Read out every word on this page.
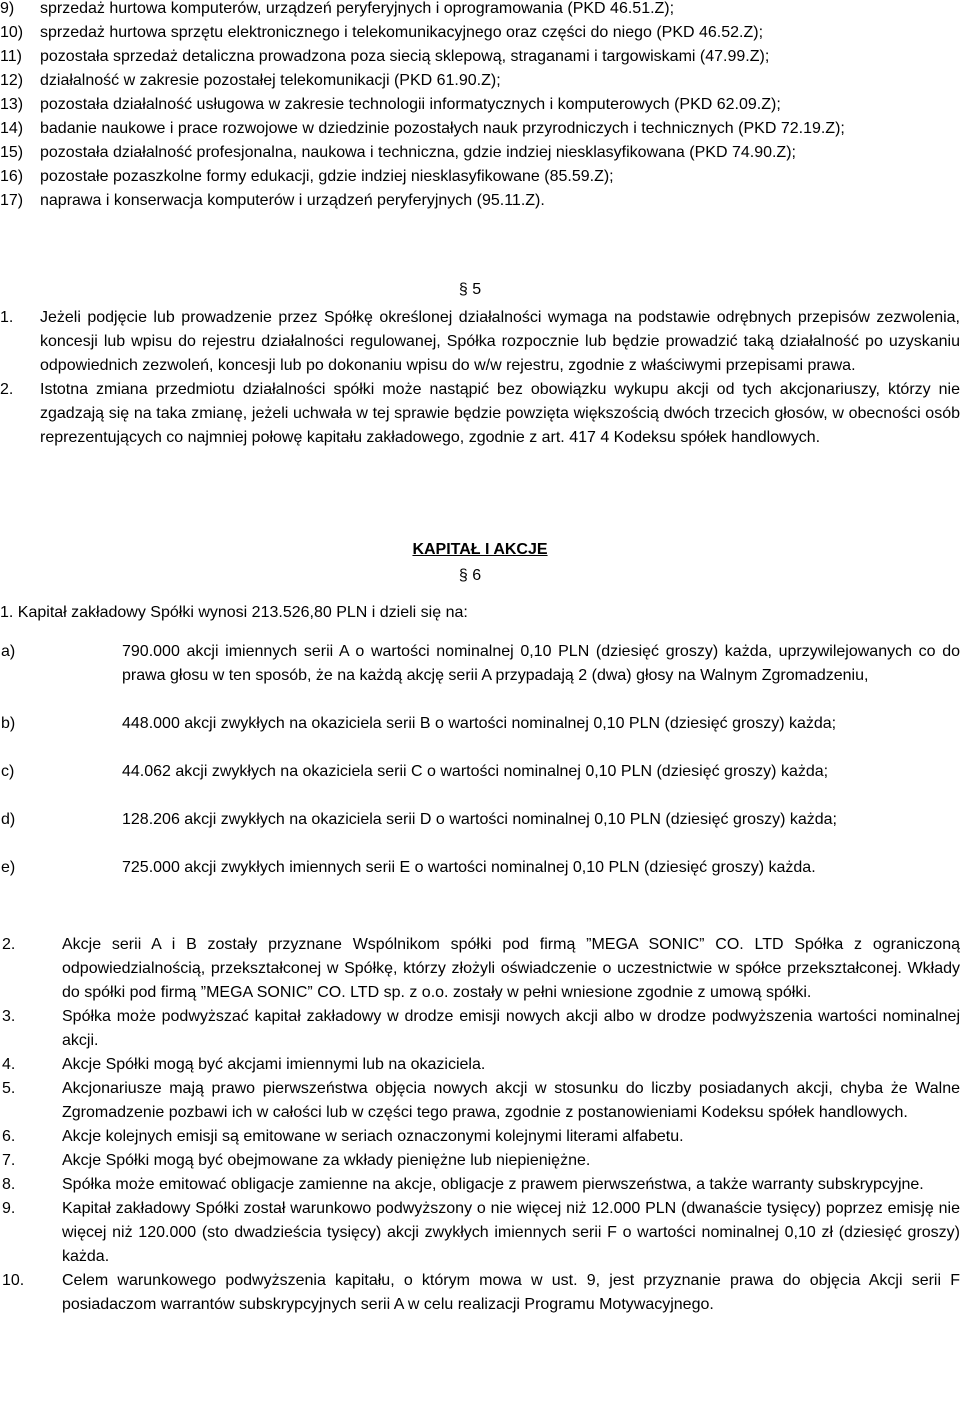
9) sprzedaż hurtowa komputerów, urządzeń peryferyjnych i oprogramowania (PKD 46.51.Z);

10) sprzedaż hurtowa sprzętu elektronicznego i telekomunikacyjnego oraz części do niego (PKD 46.52.Z);

11) pozostała sprzedaż detaliczna prowadzona poza siecią sklepową, straganami i targowiskami (47.99.Z);

12) działalność w zakresie pozostałej telekomunikacji (PKD 61.90.Z);

13) pozostała działalność usługowa w zakresie technologii informatycznych i komputerowych (PKD 62.09.Z);

14) badanie naukowe i prace rozwojowe w dziedzinie pozostałych nauk przyrodniczych i technicznych (PKD 72.19.Z);

15) pozostała działalność profesjonalna, naukowa i techniczna, gdzie indziej niesklasyfikowana (PKD 74.90.Z);

16) pozostałe pozaszkolne formy edukacji, gdzie indziej niesklasyfikowane (85.59.Z);

17) naprawa i konserwacja komputerów i urządzeń peryferyjnych (95.11.Z).

§ 5

1. Jeżeli podjęcie lub prowadzenie przez Spółkę określonej działalności wymaga na podstawie odrębnych przepisów zezwolenia, koncesji lub wpisu do rejestru działalności regulowanej, Spółka rozpocznie lub będzie prowadzić taką działalność po uzyskaniu odpowiednich zezwoleń, koncesji lub po dokonaniu wpisu do w/w rejestru, zgodnie z właściwymi przepisami prawa.

2. Istotna zmiana przedmiotu działalności spółki może nastąpić bez obowiązku wykupu akcji od tych akcjonariuszy, którzy nie zgadzają się na taka zmianę, jeżeli uchwała w tej sprawie będzie powzięta większością dwóch trzecich głosów, w obecności osób reprezentujących co najmniej połowę kapitału zakładowego, zgodnie z art. 417 4 Kodeksu spółek handlowych.

KAPITAŁ I AKCJE
§ 6
1. Kapitał zakładowy Spółki wynosi 213.526,80 PLN i dzieli się na:

a)	790.000 akcji imiennych serii A o wartości nominalnej 0,10 PLN (dziesięć groszy) każda, uprzywilejowanych co do prawa głosu w ten sposób, że na każdą akcję serii A przypadają 2 (dwa) głosy na Walnym Zgromadzeniu,

b)	448.000 akcji zwykłych na okaziciela serii B o wartości nominalnej 0,10 PLN (dziesięć groszy) każda;

c)	44.062 akcji zwykłych na okaziciela serii C o wartości nominalnej 0,10 PLN (dziesięć groszy) każda;

d)	128.206 akcji zwykłych na okaziciela serii D o wartości nominalnej 0,10 PLN (dziesięć groszy) każda;

e)	725.000 akcji zwykłych imiennych serii E o wartości nominalnej 0,10 PLN (dziesięć groszy) każda.

2.	Akcje serii A i B zostały przyznane Wspólnikom spółki pod firmą ”MEGA SONIC” CO. LTD Spółka z ograniczoną odpowiedzialnością, przekształconej w Spółkę, którzy złożyli oświadczenie o uczestnictwie w spółce przekształconej. Wkłady do spółki pod firmą ”MEGA SONIC” CO. LTD sp. z o.o. zostały w pełni wniesione zgodnie z umową spółki.

3.	Spółka może podwyższać kapitał zakładowy w drodze emisji nowych akcji albo w drodze podwyższenia wartości nominalnej akcji.

4.	Akcje Spółki mogą być akcjami imiennymi lub na okaziciela.

5.	Akcjonariusze mają prawo pierwszeństwa objęcia nowych akcji w stosunku do liczby posiadanych akcji, chyba że Walne Zgromadzenie pozbawi ich w całości lub w części tego prawa, zgodnie z postanowieniami Kodeksu spółek handlowych.

6.	Akcje kolejnych emisji są emitowane w seriach oznaczonymi kolejnymi literami alfabetu.

7.	Akcje Spółki mogą być obejmowane za wkłady pieniężne lub niepieniężne.

8.	Spółka może emitować obligacje zamienne na akcje, obligacje z prawem pierwszeństwa, a także warranty subskrypcyjne.

9.	Kapitał zakładowy Spółki został warunkowo podwyższony o nie więcej niż 12.000 PLN (dwanaście tysięcy) poprzez emisję nie więcej niż 120.000 (sto dwadzieścia tysięcy) akcji zwykłych imiennych serii F o wartości nominalnej 0,10 zł (dziesięć groszy) każda.

10. Celem warunkowego podwyższenia kapitału, o którym mowa w ust. 9, jest przyznanie prawa do objęcia Akcji serii F posiadaczom warrantów subskrypcyjnych serii A w celu realizacji Programu Motywacyjnego.
